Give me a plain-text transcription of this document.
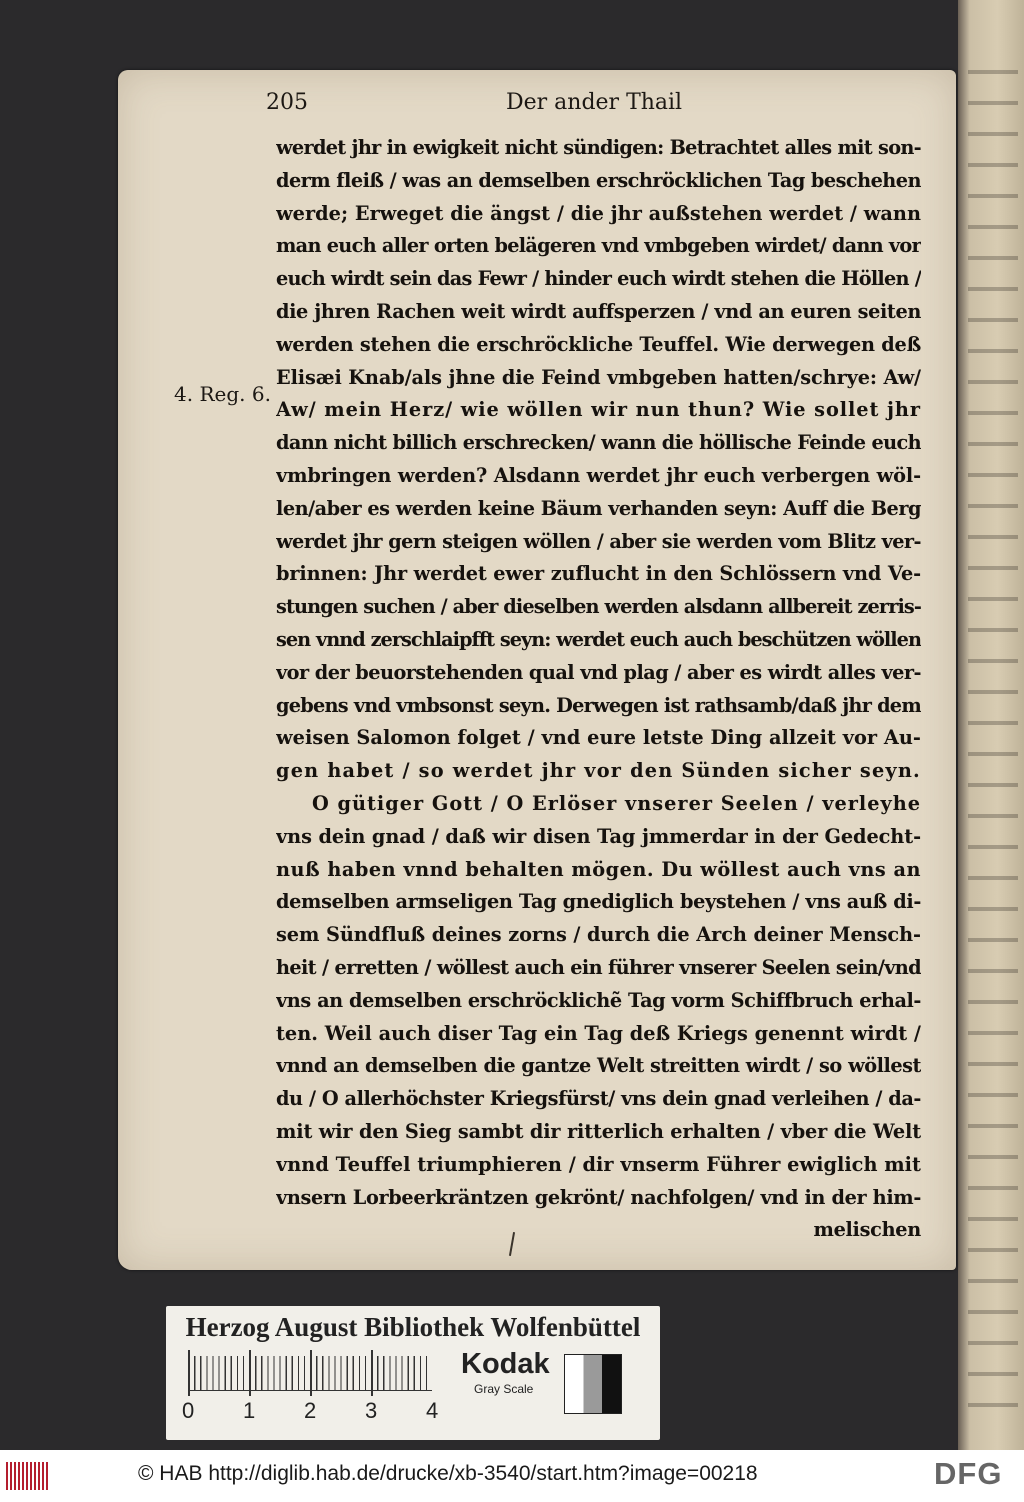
205	Der ander Thail
4. Reg. 6.
werdet jhr in ewigkeit nicht sündigen: Betrachtet alles mit son-
derm fleiß / was an demselben erschröcklichen Tag beschehen
werde; Erweget die ängst / die jhr außstehen werdet / wann
man euch aller orten belägeren vnd vmbgeben wirdet/ dann vor
euch wirdt sein das Fewr / hinder euch wirdt stehen die Höllen /
die jhren Rachen weit wirdt auffsperzen / vnd an euren seiten
werden stehen die erschröckliche Teuffel. Wie derwegen deß
Elisæi Knab/als jhne die Feind vmbgeben hatten/schrye: Aw/
Aw/ mein Herz/ wie wöllen wir nun thun? Wie sollet jhr
dann nicht billich erschrecken/ wann die höllische Feinde euch
vmbringen werden? Alsdann werdet jhr euch verbergen wöl-
len/aber es werden keine Bäum verhanden seyn: Auff die Berg
werdet jhr gern steigen wöllen / aber sie werden vom Blitz ver-
brinnen: Jhr werdet ewer zuflucht in den Schlössern vnd Ve-
stungen suchen / aber dieselben werden alsdann allbereit zerris-
sen vnnd zerschlaipfft seyn: werdet euch auch beschützen wöllen
vor der beuorstehenden qual vnd plag / aber es wirdt alles ver-
gebens vnd vmbsonst seyn. Derwegen ist rathsamb/daß jhr dem
weisen Salomon folget / vnd eure letste Ding allzeit vor Au-
gen habet / so werdet jhr vor den Sünden sicher seyn.
O gütiger Gott / O Erlöser vnserer Seelen / verleyhe
vns dein gnad / daß wir disen Tag jmmerdar in der Gedecht-
nuß haben vnnd behalten mögen. Du wöllest auch vns an
demselben armseligen Tag gnediglich beystehen / vns auß di-
sem Sündfluß deines zorns / durch die Arch deiner Mensch-
heit / erretten / wöllest auch ein führer vnserer Seelen sein/vnd
vns an demselben erschröcklichẽ Tag vorm Schiffbruch erhal-
ten. Weil auch diser Tag ein Tag deß Kriegs genennt wirdt /
vnnd an demselben die gantze Welt streitten wirdt / so wöllest
du / O allerhöchster Kriegsfürst/ vns dein gnad verleihen / da-
mit wir den Sieg sambt dir ritterlich erhalten / vber die Welt
vnnd Teuffel triumphieren / dir vnserm Führer ewiglich mit
vnsern Lorbeerkräntzen gekrönt/ nachfolgen/ vnd in der him-
melischen
Herzog August Bibliothek Wolfenbüttel
0 1 2 3 4
Kodak
Gray Scale
© HAB http://diglib.hab.de/drucke/xb-3540/start.htm?image=00218	DFG
